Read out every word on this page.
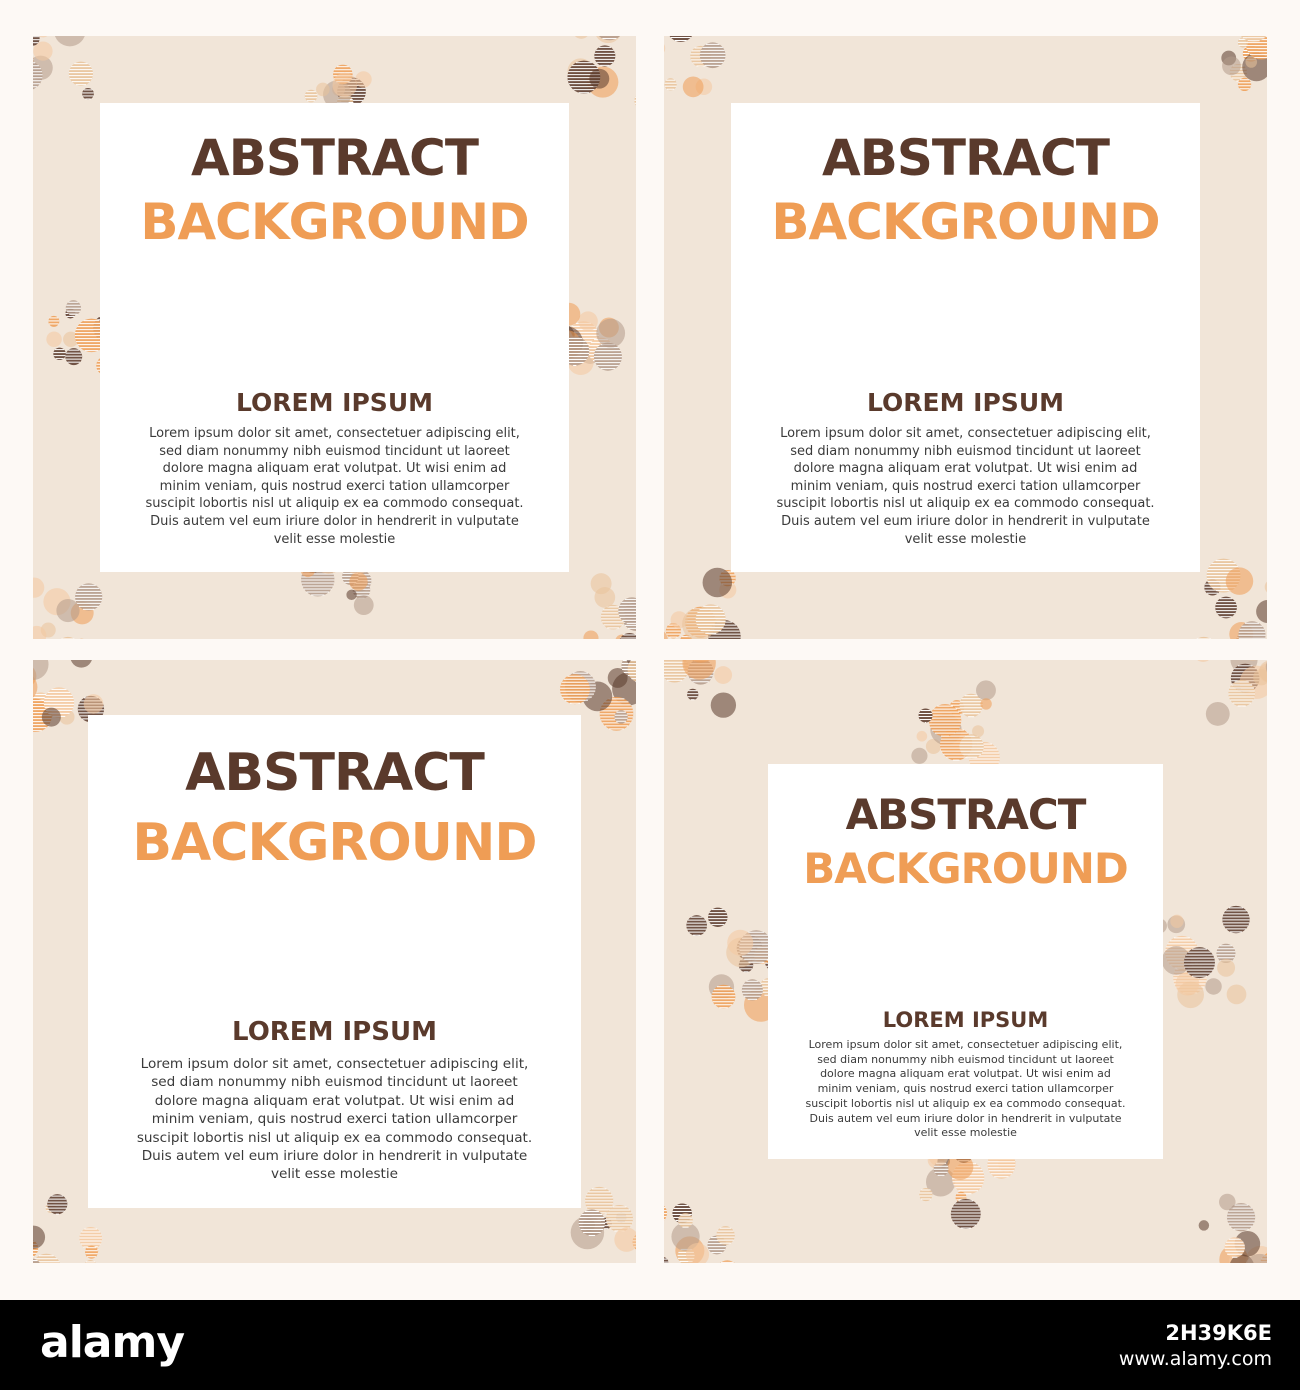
ABSTRACT
BACKGROUND
LOREM IPSUM
Lorem ipsum dolor sit amet, consectetuer adipiscing elit,
sed diam nonummy nibh euismod tincidunt ut laoreet
dolore magna aliquam erat volutpat. Ut wisi enim ad
minim veniam, quis nostrud exerci tation ullamcorper
suscipit lobortis nisl ut aliquip ex ea commodo consequat.
Duis autem vel eum iriure dolor in hendrerit in vulputate
velit esse molestie
ABSTRACT
BACKGROUND
LOREM IPSUM
Lorem ipsum dolor sit amet, consectetuer adipiscing elit,
sed diam nonummy nibh euismod tincidunt ut laoreet
dolore magna aliquam erat volutpat. Ut wisi enim ad
minim veniam, quis nostrud exerci tation ullamcorper
suscipit lobortis nisl ut aliquip ex ea commodo consequat.
Duis autem vel eum iriure dolor in hendrerit in vulputate
velit esse molestie
ABSTRACT
BACKGROUND
LOREM IPSUM
Lorem ipsum dolor sit amet, consectetuer adipiscing elit,
sed diam nonummy nibh euismod tincidunt ut laoreet
dolore magna aliquam erat volutpat. Ut wisi enim ad
minim veniam, quis nostrud exerci tation ullamcorper
suscipit lobortis nisl ut aliquip ex ea commodo consequat.
Duis autem vel eum iriure dolor in hendrerit in vulputate
velit esse molestie
ABSTRACT
BACKGROUND
LOREM IPSUM
Lorem ipsum dolor sit amet, consectetuer adipiscing elit,
sed diam nonummy nibh euismod tincidunt ut laoreet
dolore magna aliquam erat volutpat. Ut wisi enim ad
minim veniam, quis nostrud exerci tation ullamcorper
suscipit lobortis nisl ut aliquip ex ea commodo consequat.
Duis autem vel eum iriure dolor in hendrerit in vulputate
velit esse molestie
alamy	2H39K6E
www.alamy.com
